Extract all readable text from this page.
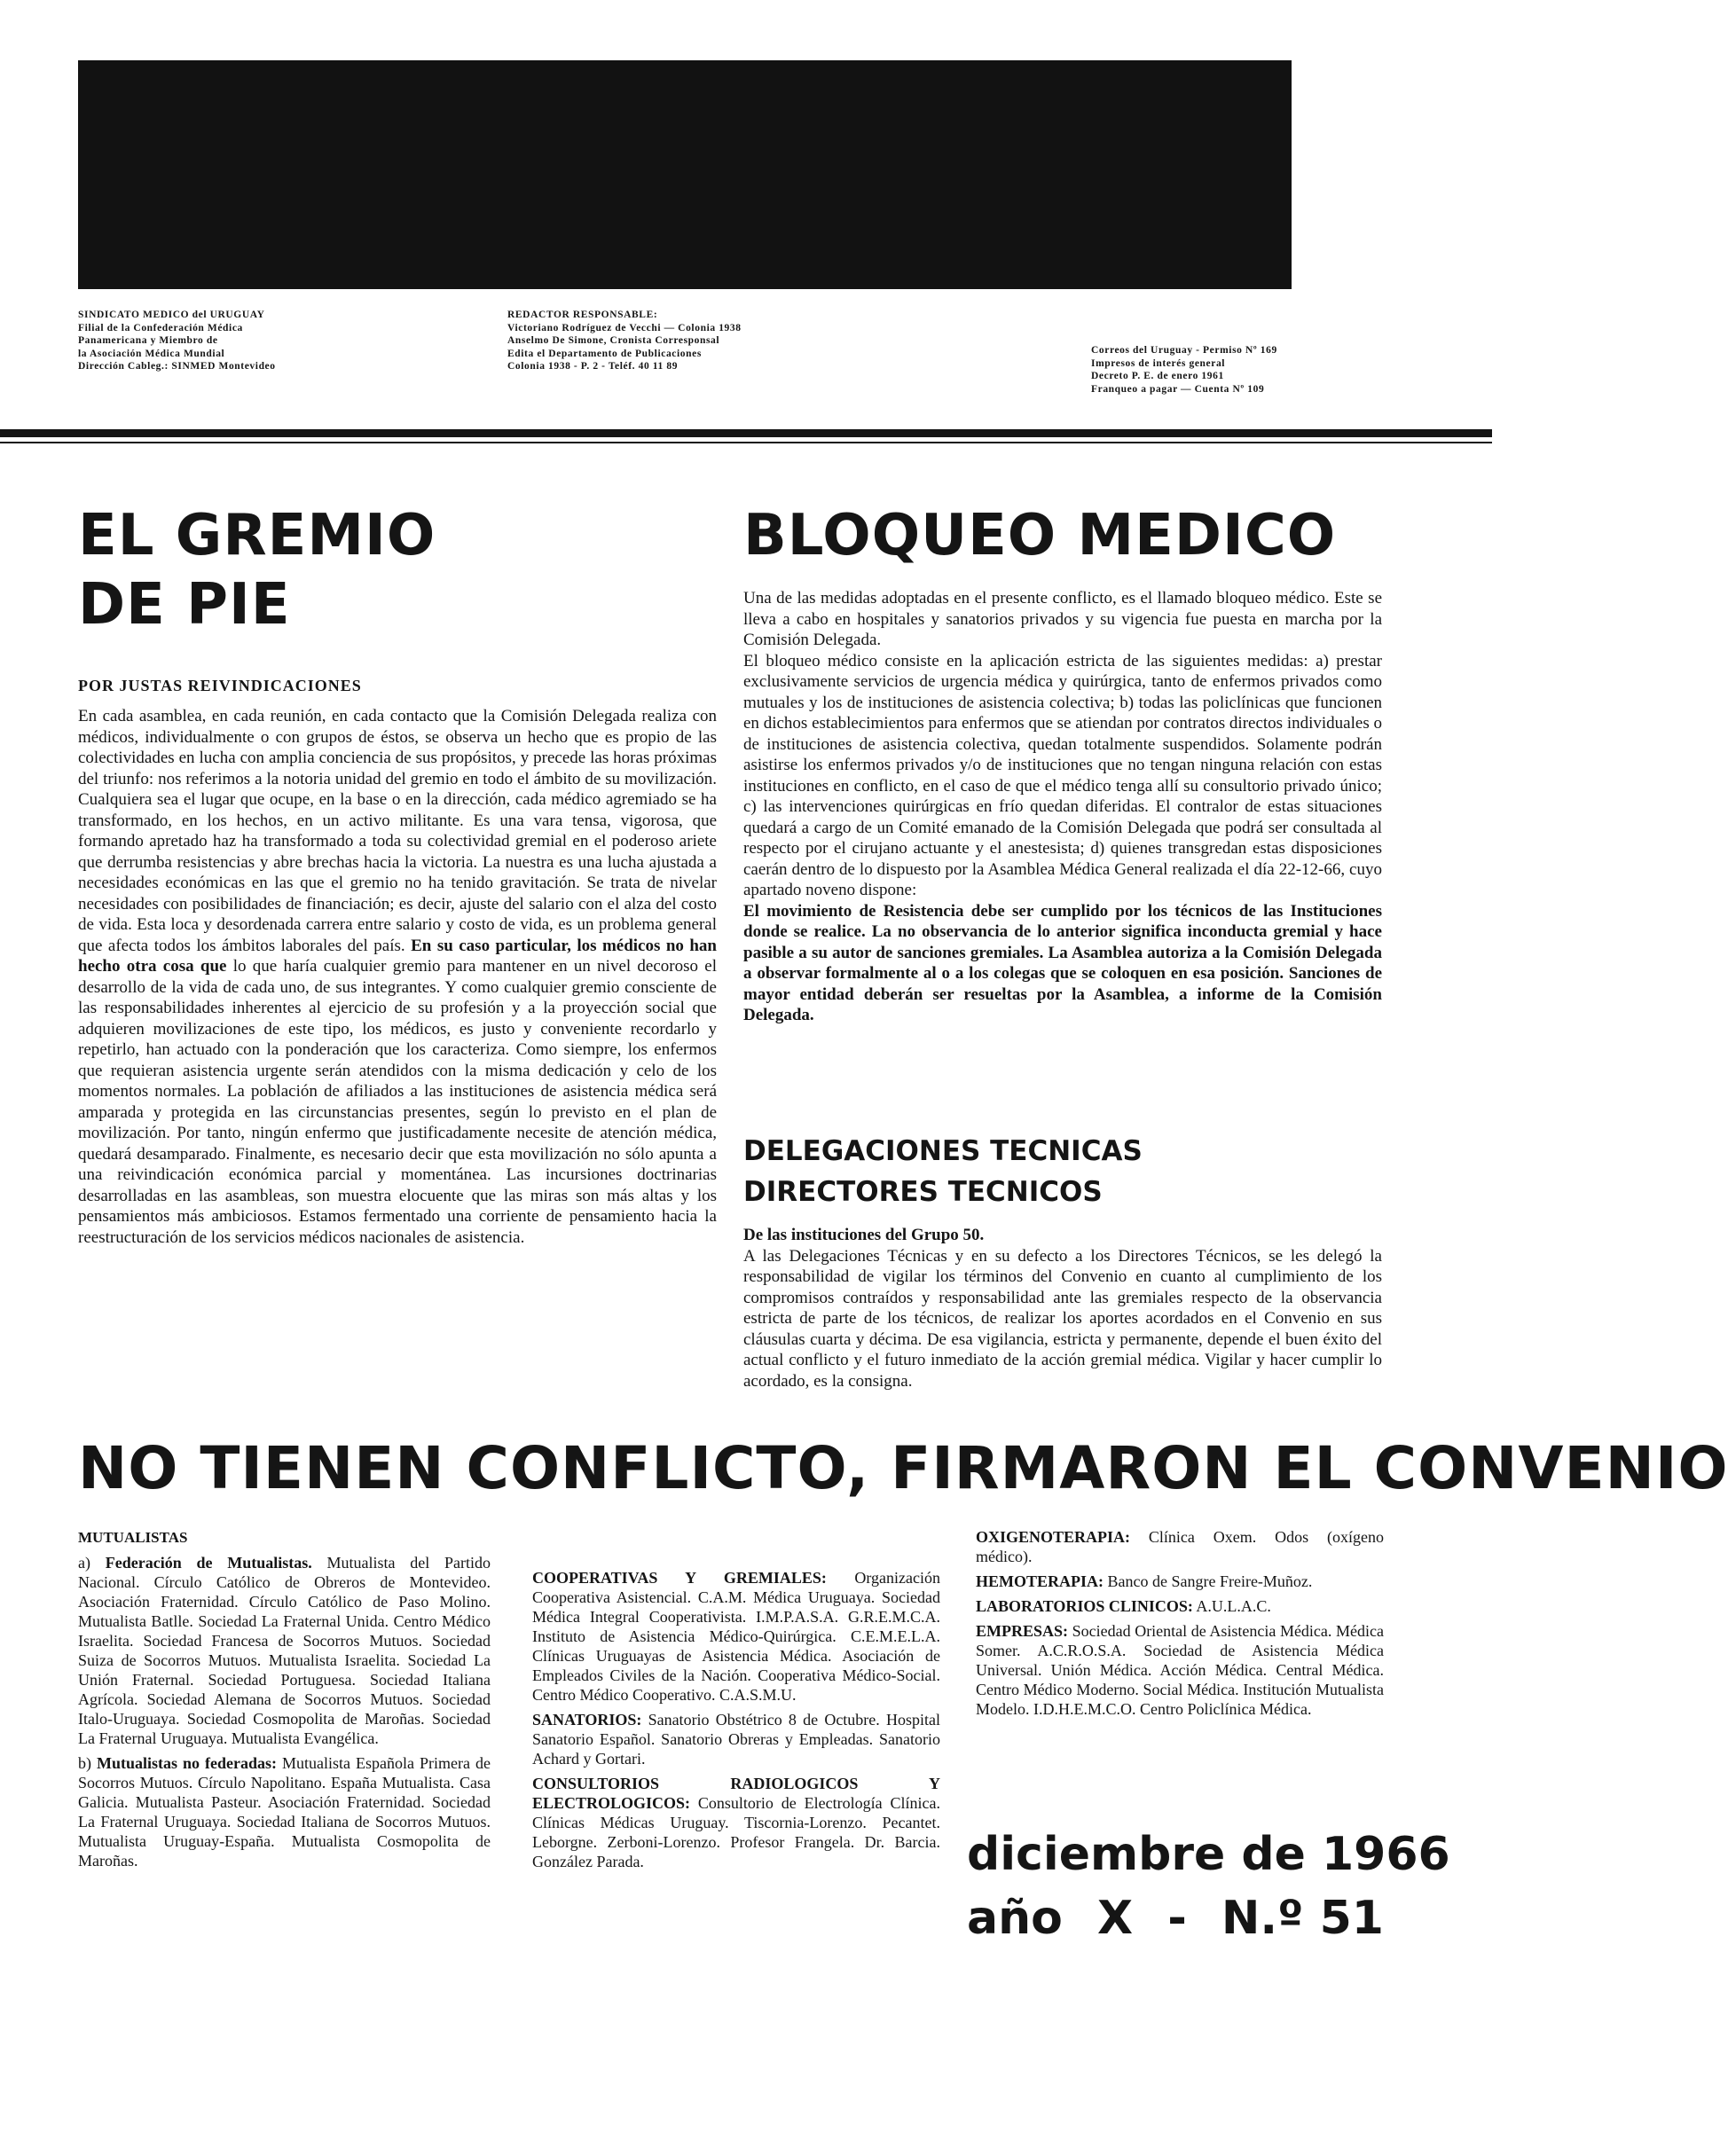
SINDICATO MEDICO del URUGUAY
Filial de la Confederación Médica
Panamericana y Miembro de
la Asociación Médica Mundial
Dirección Cableg.: SINMED Montevideo
REDACTOR RESPONSABLE:
Victoriano Rodríguez de Vecchi — Colonia 1938
Anselmo De Simone, Cronista Corresponsal
Edita el Departamento de Publicaciones
Colonia 1938 - P. 2 - Teléf. 40 11 89
Correos del Uruguay - Permiso Nº 169
Impresos de interés general
Decreto P. E. de enero 1961
Franqueo a pagar — Cuenta Nº 109
EL GREMIO
DE PIE
POR JUSTAS REIVINDICACIONES

En cada asamblea, en cada reunión, en cada contacto que la Comisión Delegada realiza con médicos, individualmente o con grupos de éstos, se observa un hecho que es propio de las colectividades en lucha con amplia conciencia de sus propósitos, y precede las horas próximas del triunfo: nos referimos a la notoria unidad del gremio en todo el ámbito de su movilización. Cualquiera sea el lugar que ocupe, en la base o en la dirección, cada médico agremiado se ha transformado, en los hechos, en un activo militante. Es una vara tensa, vigorosa, que formando apretado haz ha transformado a toda su colectividad gremial en el poderoso ariete que derrumba resistencias y abre brechas hacia la victoria. La nuestra es una lucha ajustada a necesidades económicas en las que el gremio no ha tenido gravitación. Se trata de nivelar necesidades con posibilidades de financiación; es decir, ajuste del salario con el alza del costo de vida. Esta loca y desordenada carrera entre salario y costo de vida, es un problema general que afecta todos los ámbitos laborales del país. En su caso particular, los médicos no han hecho otra cosa que lo que haría cualquier gremio para mantener en un nivel decoroso el desarrollo de la vida de cada uno, de sus integrantes. Y como cualquier gremio consciente de las responsabilidades inherentes al ejercicio de su profesión y a la proyección social que adquieren movilizaciones de este tipo, los médicos, es justo y conveniente recordarlo y repetirlo, han actuado con la ponderación que los caracteriza. Como siempre, los enfermos que requieran asistencia urgente serán atendidos con la misma dedicación y celo de los momentos normales. La población de afiliados a las instituciones de asistencia médica será amparada y protegida en las circunstancias presentes, según lo previsto en el plan de movilización. Por tanto, ningún enfermo que justificadamente necesite de atención médica, quedará desamparado. Finalmente, es necesario decir que esta movilización no sólo apunta a una reivindicación económica parcial y momentánea. Las incursiones doctrinarias desarrolladas en las asambleas, son muestra elocuente que las miras son más altas y los pensamientos más ambiciosos. Estamos fermentado una corriente de pensamiento hacia la reestructuración de los servicios médicos nacionales de asistencia.

BLOQUEO MEDICO

Una de las medidas adoptadas en el presente conflicto, es el llamado bloqueo médico. Este se lleva a cabo en hospitales y sanatorios privados y su vigencia fue puesta en marcha por la Comisión Delegada.

El bloqueo médico consiste en la aplicación estricta de las siguientes medidas: a) prestar exclusivamente servicios de urgencia médica y quirúrgica, tanto de enfermos privados como mutuales y los de instituciones de asistencia colectiva; b) todas las policlínicas que funcionen en dichos establecimientos para enfermos que se atiendan por contratos directos individuales o de instituciones de asistencia colectiva, quedan totalmente suspendidos. Solamente podrán asistirse los enfermos privados y/o de instituciones que no tengan ninguna relación con estas instituciones en conflicto, en el caso de que el médico tenga allí su consultorio privado único; c) las intervenciones quirúrgicas en frío quedan diferidas. El contralor de estas situaciones quedará a cargo de un Comité emanado de la Comisión Delegada que podrá ser consultada al respecto por el cirujano actuante y el anestesista; d) quienes transgredan estas disposiciones caerán dentro de lo dispuesto por la Asamblea Médica General realizada el día 22-12-66, cuyo apartado noveno dispone:

El movimiento de Resistencia debe ser cumplido por los técnicos de las Instituciones donde se realice. La no observancia de lo anterior significa inconducta gremial y hace pasible a su autor de sanciones gremiales. La Asamblea autoriza a la Comisión Delegada a observar formalmente al o a los colegas que se coloquen en esa posición. Sanciones de mayor entidad deberán ser resueltas por la Asamblea, a informe de la Comisión Delegada.

DELEGACIONES TECNICAS
DIRECTORES TECNICOS

De las instituciones del Grupo 50.

A las Delegaciones Técnicas y en su defecto a los Directores Técnicos, se les delegó la responsabilidad de vigilar los términos del Convenio en cuanto al cumplimiento de los compromisos contraídos y responsabilidad ante las gremiales respecto de la observancia estricta de parte de los técnicos, de realizar los aportes acordados en el Convenio en sus cláusulas cuarta y décima. De esa vigilancia, estricta y permanente, depende el buen éxito del actual conflicto y el futuro inmediato de la acción gremial médica. Vigilar y hacer cumplir lo acordado, es la consigna.

NO TIENEN CONFLICTO, FIRMARON EL CONVENIO

MUTUALISTAS

a) Federación de Mutualistas. Mutualista del Partido Nacional. Círculo Católico de Obreros de Montevideo. Asociación Fraternidad. Círculo Católico de Paso Molino. Mutualista Batlle. Sociedad La Fraternal Unida. Centro Médico Israelita. Sociedad Francesa de Socorros Mutuos. Sociedad Suiza de Socorros Mutuos. Mutualista Israelita. Sociedad La Unión Fraternal. Sociedad Portuguesa. Sociedad Italiana Agrícola. Sociedad Alemana de Socorros Mutuos. Sociedad Italo-Uruguaya. Sociedad Cosmopolita de Maroñas. Sociedad La Fraternal Uruguaya. Mutualista Evangélica.

b) Mutualistas no federadas: Mutualista Española Primera de Socorros Mutuos. Círculo Napolitano. España Mutualista. Casa Galicia. Mutualista Pasteur. Asociación Fraternidad. Sociedad La Fraternal Uruguaya. Sociedad Italiana de Socorros Mutuos. Mutualista Uruguay-España. Mutualista Cosmopolita de Maroñas.

COOPERATIVAS Y GREMIALES: Organización Cooperativa Asistencial. C.A.M. Médica Uruguaya. Sociedad Médica Integral Cooperativista. I.M.P.A.S.A. G.R.E.M.C.A. Instituto de Asistencia Médico-Quirúrgica. C.E.M.E.L.A. Clínicas Uruguayas de Asistencia Médica. Asociación de Empleados Civiles de la Nación. Cooperativa Médico-Social. Centro Médico Cooperativo. C.A.S.M.U.

SANATORIOS: Sanatorio Obstétrico 8 de Octubre. Hospital Sanatorio Español. Sanatorio Obreras y Empleadas. Sanatorio Achard y Gortari.

CONSULTORIOS RADIOLOGICOS Y ELECTROLOGICOS: Consultorio de Electrología Clínica. Clínicas Médicas Uruguay. Tiscornia-Lorenzo. Pecantet. Leborgne. Zerboni-Lorenzo. Profesor Frangela. Dr. Barcia. González Parada.

OXIGENOTERAPIA: Clínica Oxem. Odos (oxígeno médico).

HEMOTERAPIA: Banco de Sangre Freire-Muñoz.

LABORATORIOS CLINICOS: A.U.L.A.C.

EMPRESAS: Sociedad Oriental de Asistencia Médica. Médica Somer. A.C.R.O.S.A. Sociedad de Asistencia Médica Universal. Unión Médica. Acción Médica. Central Médica. Centro Médico Moderno. Social Médica. Institución Mutualista Modelo. I.D.H.E.M.C.O. Centro Policlínica Médica.

diciembre de 1966
año X - N.º 51
